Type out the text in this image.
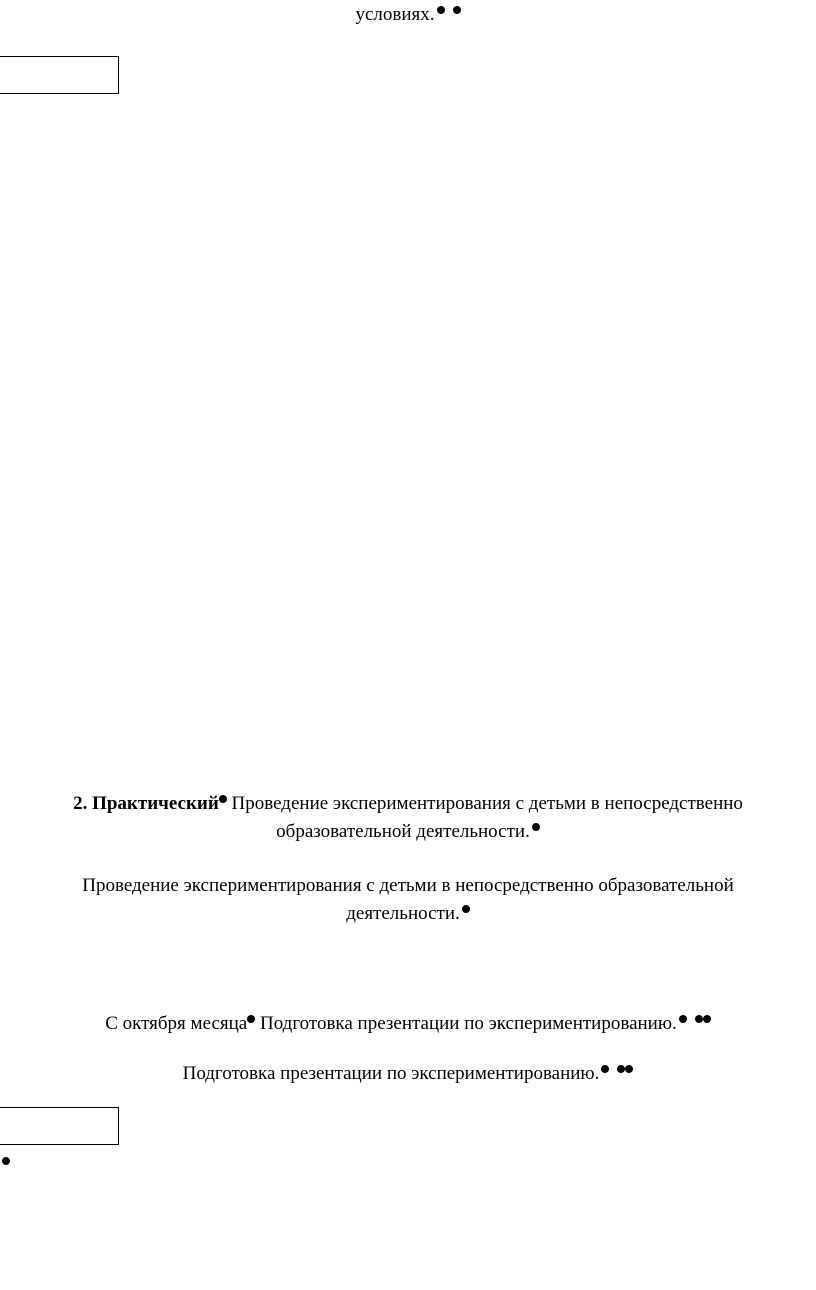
условиях.
2. Практический Проведение экспериментирования с детьми в непосредственно
образовательной деятельности.
Проведение экспериментирования с детьми в непосредственно образовательной
деятельности.
С октября месяца Подготовка презентации по экспериментированию.
Подготовка презентации по экспериментированию.
